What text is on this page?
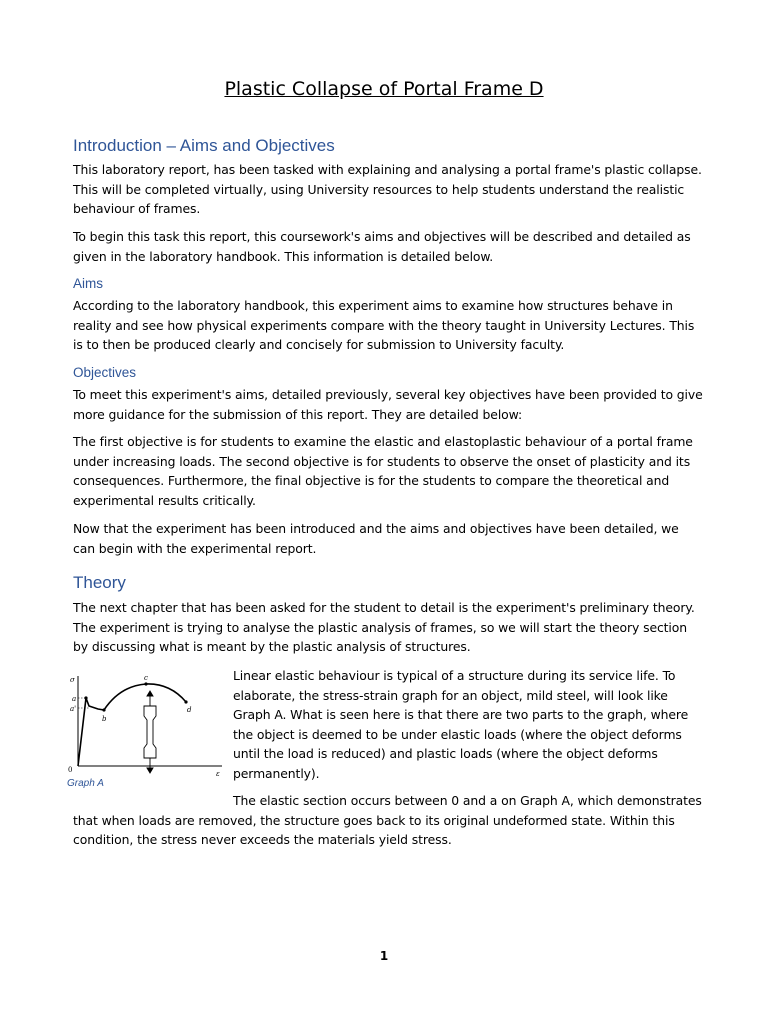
Plastic Collapse of Portal Frame D
Introduction – Aims and Objectives
This laboratory report, has been tasked with explaining and analysing a portal frame's plastic collapse. This will be completed virtually, using University resources to help students understand the realistic behaviour of frames.
To begin this task this report, this coursework's aims and objectives will be described and detailed as given in the laboratory handbook. This information is detailed below.
Aims
According to the laboratory handbook, this experiment aims to examine how structures behave in reality and see how physical experiments compare with the theory taught in University Lectures. This is to then be produced clearly and concisely for submission to University faculty.
Objectives
To meet this experiment's aims, detailed previously, several key objectives have been provided to give more guidance for the submission of this report. They are detailed below:
The first objective is for students to examine the elastic and elastoplastic behaviour of a portal frame under increasing loads. The second objective is for students to observe the onset of plasticity and its consequences. Furthermore, the final objective is for the students to compare the theoretical and experimental results critically.
Now that the experiment has been introduced and the aims and objectives have been detailed, we can begin with the experimental report.
Theory
The next chapter that has been asked for the student to detail is the experiment's preliminary theory. The experiment is trying to analyse the plastic analysis of frames, so we will start the theory section by discussing what is meant by the plastic analysis of structures.
σ
ε
0
a
a'
b
c
d
Graph A
Linear elastic behaviour is typical of a structure during its service life. To elaborate, the stress-strain graph for an object, mild steel, will look like Graph A. What is seen here is that there are two parts to the graph, where the object is deemed to be under elastic loads (where the object deforms until the load is reduced) and plastic loads (where the object deforms permanently).
The elastic section occurs between 0 and a on Graph A, which demonstrates that when loads are removed, the structure goes back to its original undeformed state. Within this condition, the stress never exceeds the materials yield stress.
1
